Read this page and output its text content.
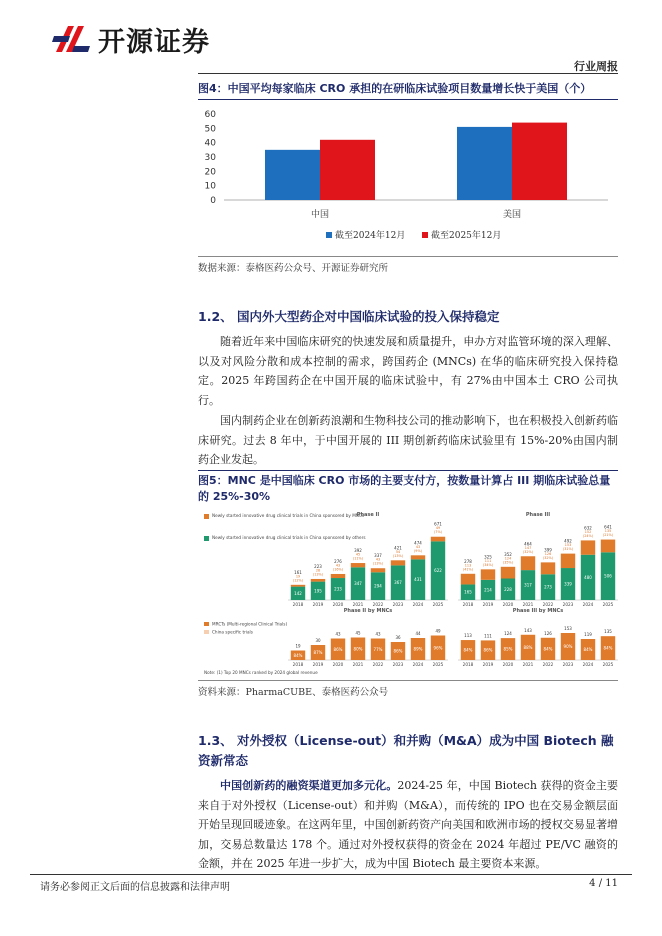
开源证券
行业周报
图4：中国平均每家临床 CRO 承担的在研临床试验项目数量增长快于美国（个）
0
10
20
30
40
50
60
中国	美国
截至2024年12月	截至2025年12月
数据来源：泰格医药公众号、开源证券研究所
1.2、 国内外大型药企对中国临床试验的投入保持稳定
随着近年来中国临床研究的快速发展和质量提升，申办方对监管环境的深入理解、以及对风险分散和成本控制的需求，跨国药企 (MNCs) 在华的临床研究投入保持稳定。2025 年跨国药企在中国开展的临床试验中，有 27%由中国本土 CRO 公司执行。
国内制药企业在创新药浪潮和生物科技公司的推动影响下，也在积极投入创新药临床研究。过去 8 年中，于中国开展的 III 期创新药临床试验里有 15%-20%由国内制药企业发起。
图5：MNC 是中国临床 CRO 市场的主要支付方，按数量计算占 III 期临床试验总量的 25%-30%
Newly started innovative drug clinical trials in China sponsored by MNCs
Newly started innovative drug clinical trials in China sponsored by others
MRCTs (Multi-regional Clinical Trials)
China specific trials
Note: (1) Top 20 MNCs ranked by 2024 global revenue
Phase II
142
19
(12%)
161
2018
195
28
(13%)
223
2019
233
43
(16%)
276
2020
347
45
(11%)
392
2021
294
43
(13%)
337
2022
367
54
(13%)
421
2023
431
43
(9%)
474
2024
622
49
(7%)
671
2025
Phase III
165
113
(41%)
278
2018
214
111
(34%)
325
2019
228
124
(35%)
352
2020
317
147
(32%)
464
2021
273
126
(32%)
399
2022
339
153
(31%)
492
2023
480
152
(24%)
632
2024
506
135
(21%)
641
2025
Phase II by MNCs
84%
19
2018
87%
30
2019
86%
43
2020
80%
45
2021
77%
43
2022
86%
36
2023
89%
44
2024
96%
49
2025
Phase III by MNCs
84%
113
2018
86%
111
2019
85%
124
2020
88%
143
2021
84%
126
2022
90%
153
2023
84%
119
2024
84%
135
2025
资料来源：PharmaCUBE、泰格医药公众号
1.3、 对外授权（License-out）和并购（M&A）成为中国 Biotech 融资新常态
中国创新药的融资渠道更加多元化。2024-25 年，中国 Biotech 获得的资金主要来自于对外授权（License-out）和并购（M&A），而传统的 IPO 也在交易金额层面开始呈现回暖迹象。在这两年里，中国创新药资产向美国和欧洲市场的授权交易显著增加，交易总数量达 178 个。通过对外授权获得的资金在 2024 年超过 PE/VC 融资的金额，并在 2025 年进一步扩大，成为中国 Biotech 最主要资本来源。
请务必参阅正文后面的信息披露和法律声明	4 / 11
